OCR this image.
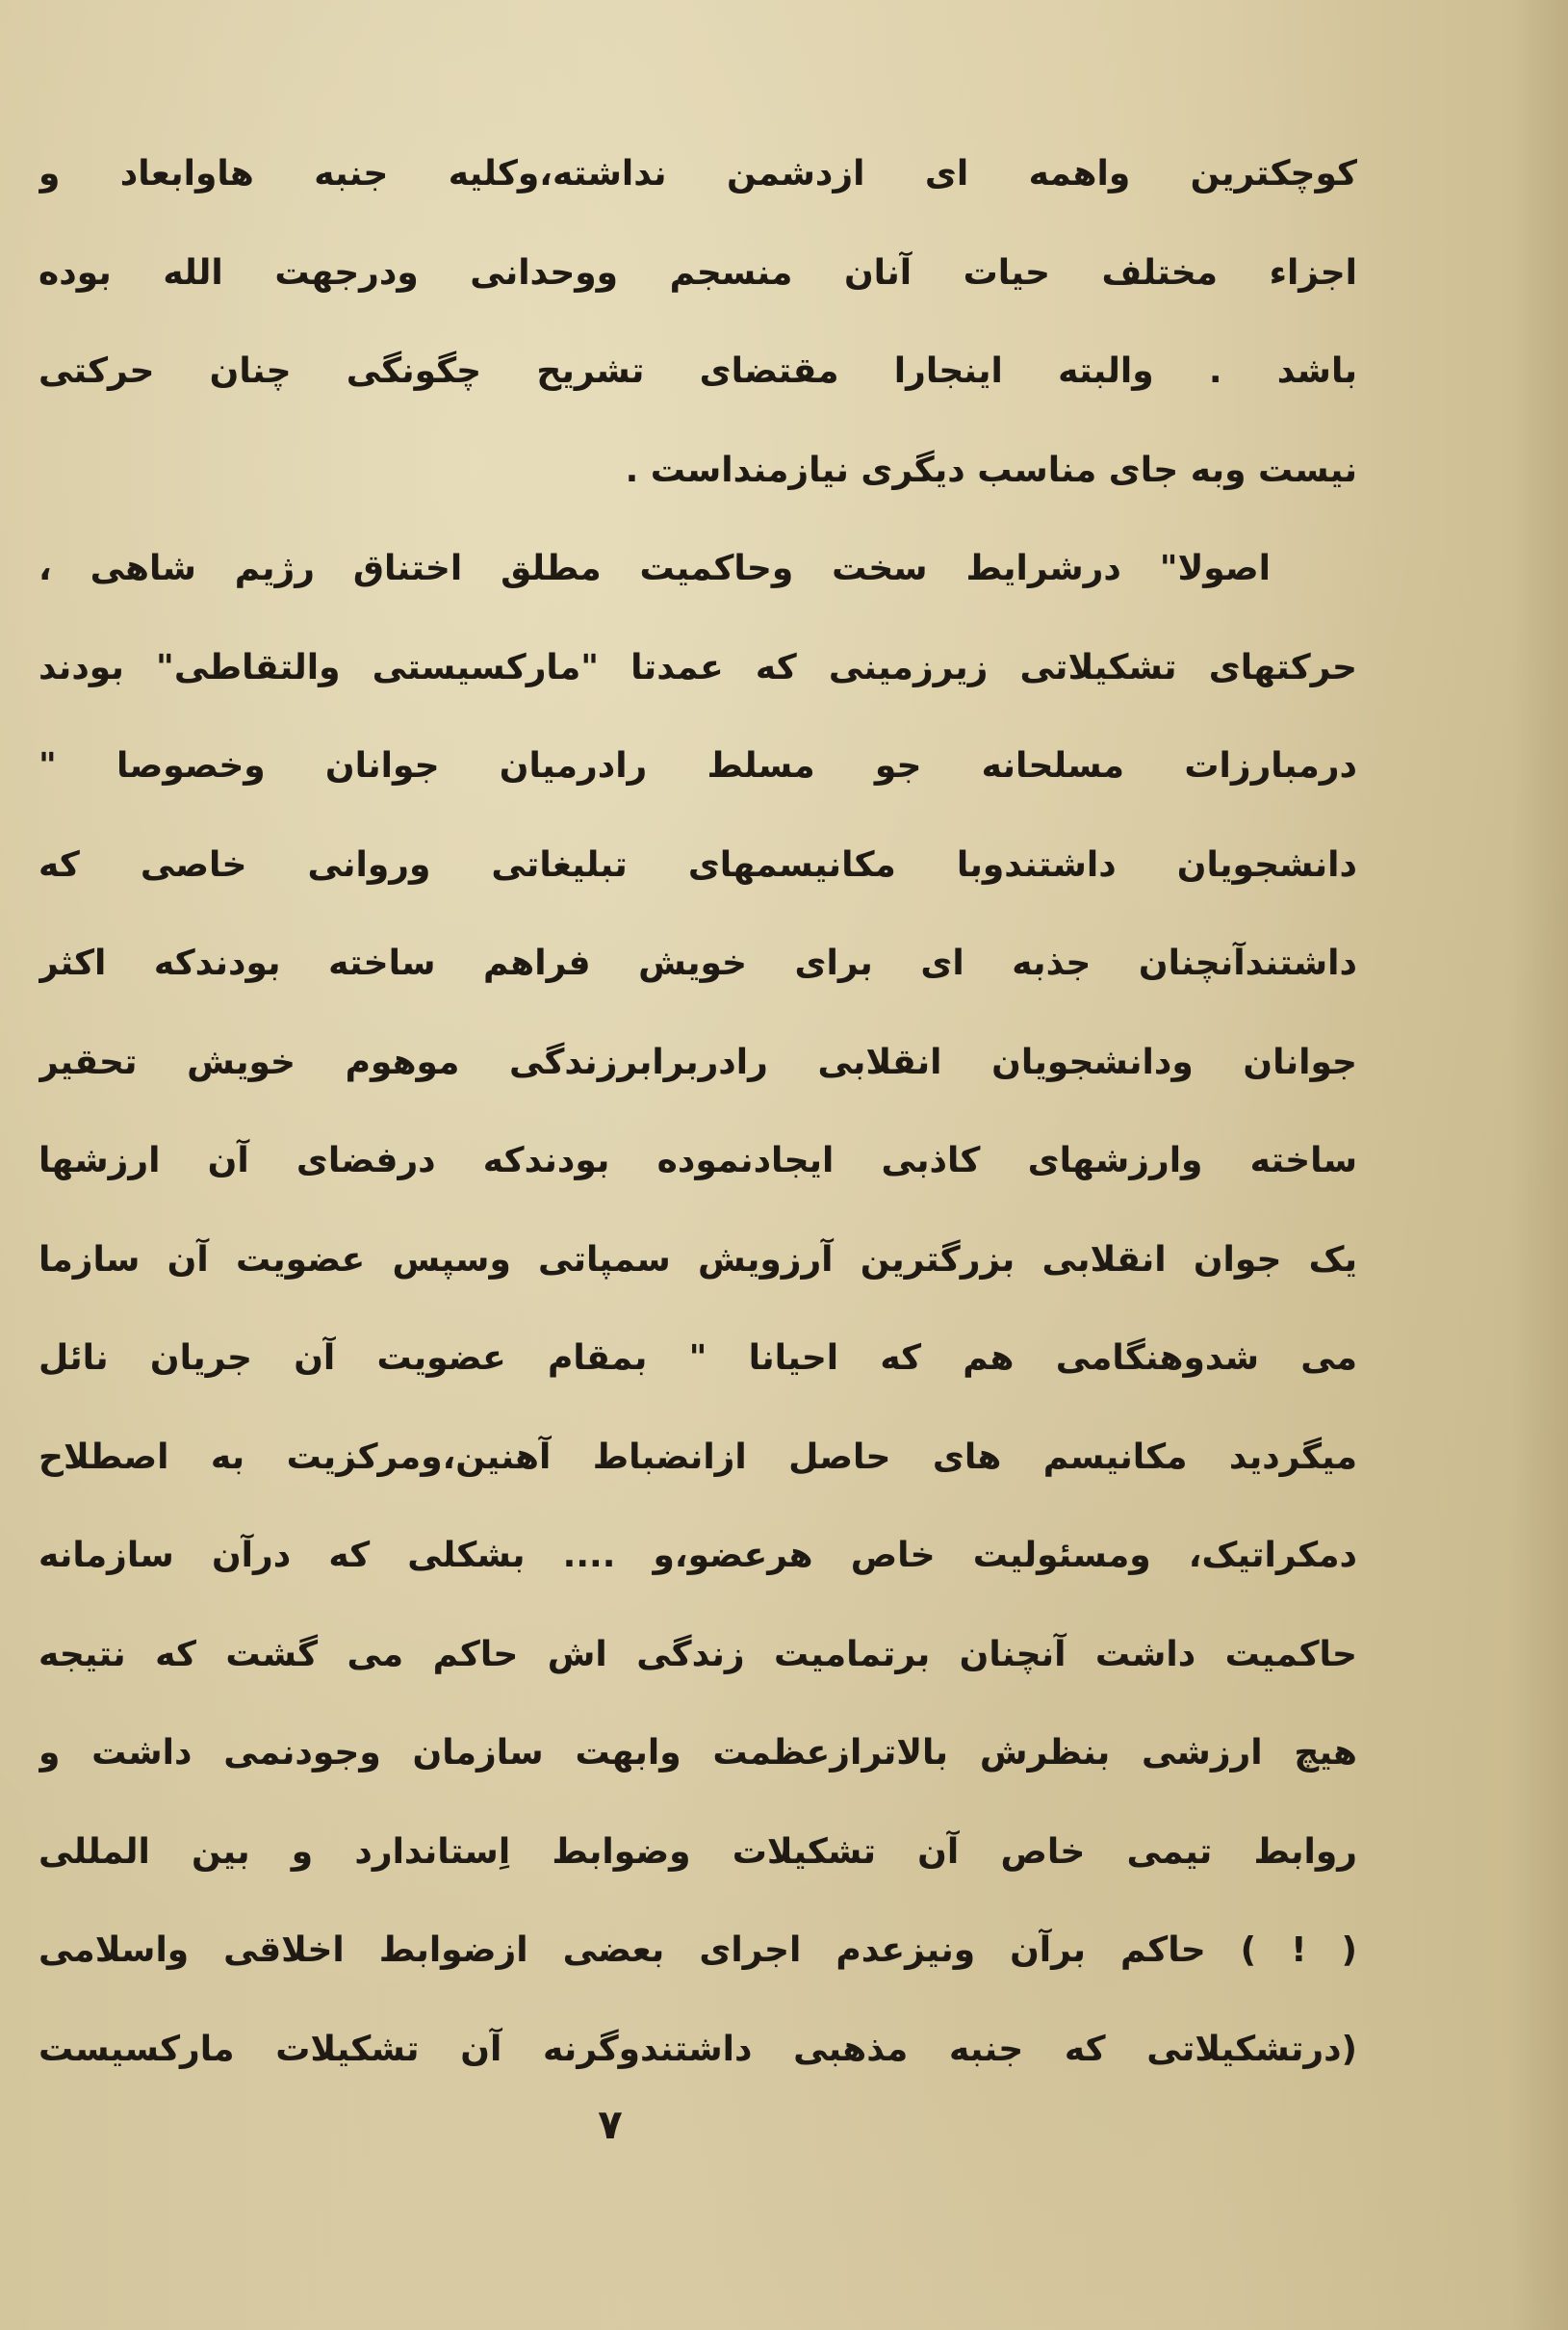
کوچکترین واهمه ای ازدشمن نداشته،وکلیه جنبه هاوابعاد و
اجزاء مختلف حیات آنان منسجم ووحدانی ودرجهت الله بوده
باشد . والبته اینجارا مقتضای تشریح چگونگی چنان حرکتی
نیست وبه جای مناسب دیگری نیازمنداست .
اصولا" درشرایط سخت وحاکمیت مطلق اختناق رژیم شاهی ،
حرکتهای تشکیلاتی زیرزمینی که عمدتا "مارکسیستی والتقاطی" بودند
درمبارزات مسلحانه جو مسلط رادرمیان جوانان وخصوصا "
دانشجویان داشتندوبا مکانیسمهای تبلیغاتی وروانی خاصی که
داشتندآنچنان جذبه ای برای خویش فراهم ساخته بودندکه اکثر
جوانان ودانشجویان انقلابی رادربرابرزندگی موهوم خویش تحقیر
ساخته وارزشهای کاذبی ایجادنموده بودندکه درفضای آن ارزشها
یک جوان انقلابی بزرگترین آرزویش سمپاتی وسپس عضویت آن سازما
می شدوهنگامی هم که احیانا " بمقام عضویت آن جریان نائل
میگردید مکانیسم های حاصل ازانضباط آهنین،ومرکزیت به اصطلاح
دمکراتیک، ومسئولیت خاص هرعضو،و .... بشکلی که درآن سازمانه
حاکمیت داشت آنچنان برتمامیت زندگی اش حاکم می گشت که نتیجه
هیچ ارزشی بنظرش بالاترازعظمت وابهت سازمان وجودنمی داشت و
روابط تیمی خاص آن تشکیلات وضوابط اِستاندارد و بین المللی
( ! ) حاکم برآن ونیزعدم اجرای بعضی ازضوابط اخلاقی واسلامی
(درتشکیلاتی که جنبه مذهبی داشتندوگرنه آن تشکیلات مارکسیست
۷
